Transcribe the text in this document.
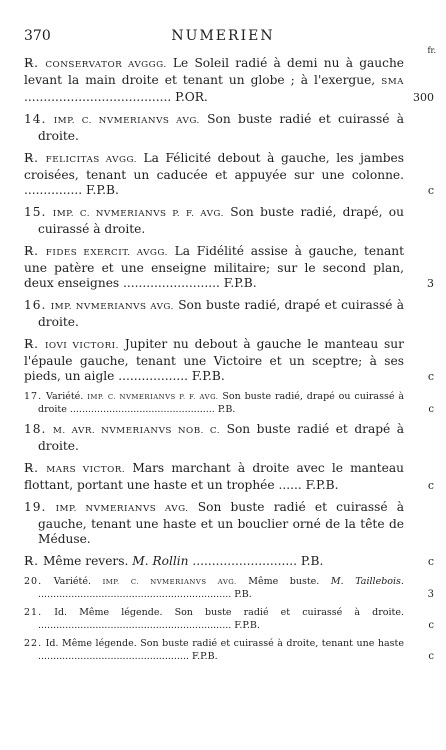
370	NUMERIEN
fr.
R̶. CONSERVATOR AVGGG. Le Soleil radié à demi nu à gauche levant la main droite et tenant un globe ; à l'exergue, SMA ...................................... P.OR.	300
14. IMP. C. NVMERIANVS AVG. Son buste radié et cuirassé à droite.
R̶. FELICITAS AVGG. La Félicité debout à gauche, les jambes croisées, tenant un caducée et appuyée sur une colonne. ............... F.P.B.	c
15. IMP. C. NVMERIANVS P. F. AVG. Son buste radié, drapé, ou cuirassé à droite.
R̶. FIDES EXERCIT. AVGG. La Fidélité assise à gauche, tenant une patère et une enseigne militaire; sur le second plan, deux enseignes ......................... F.P.B.	3
16. IMP. NVMERIANVS AVG. Son buste radié, drapé et cuirassé à droite.
R̶. IOVI VICTORI. Jupiter nu debout à gauche le manteau sur l'épaule gauche, tenant une Victoire et un sceptre; à ses pieds, un aigle .................. F.P.B.	c
17. Variété. IMP. C. NVMERIANVS P. F. AVG. Son buste radié, drapé ou cuirassé à droite ................................................ P.B.	c
18. M. AVR. NVMERIANVS NOB. C. Son buste radié et drapé à droite.
R̶. MARS VICTOR. Mars marchant à droite avec le manteau flottant, portant une haste et un trophée ...... F.P.B.	c
19. IMP. NVMERIANVS AVG. Son buste radié et cuirassé à gauche, tenant une haste et un bouclier orné de la tête de Méduse.
R̶. Même revers. M. Rollin ........................... P.B.	c
20. Variété. IMP. C. NVMERIANVS AVG. Même buste. M. Taillebois. ................................................................ P.B.	3
21. Id. Même légende. Son buste radié et cuirassé à droite. ................................................................ F.P.B.	c
22. Id. Même légende. Son buste radié et cuirassé à droite, tenant une haste .................................................. F.P.B.	c
